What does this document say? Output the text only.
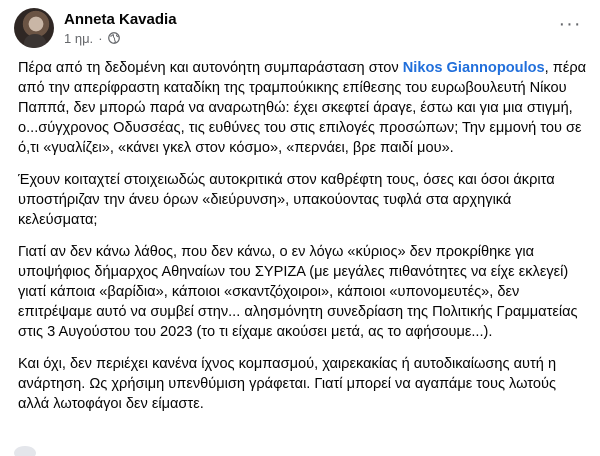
Anneta Kavadia
1 ημ. ·
···

Πέρα από τη δεδομένη και αυτονόητη συμπαράσταση στον Nikos Giannopoulos, πέρα από την απερίφραστη καταδίκη της τραμπούκικης επίθεσης του ευρωβουλευτή Νίκου Παππά, δεν μπορώ παρά να αναρωτηθώ: έχει σκεφτεί άραγε, έστω και για μια στιγμή, ο...σύγχρονος Οδυσσέας, τις ευθύνες του στις επιλογές προσώπων; Την εμμονή του σε ό,τι «γυαλίζει», «κάνει γκελ στον κόσμο», «περνάει, βρε παιδί μου».

Έχουν κοιταχτεί στοιχειωδώς αυτοκριτικά στον καθρέφτη τους, όσες και όσοι άκριτα υποστήριζαν την άνευ όρων «διεύρυνση», υπακούοντας τυφλά στα αρχηγικά κελεύσματα;

Γιατί αν δεν κάνω λάθος, που δεν κάνω, ο εν λόγω «κύριος» δεν προκρίθηκε για υποψήφιος δήμαρχος Αθηναίων του ΣΥΡΙΖΑ (με μεγάλες πιθανότητες να είχε εκλεγεί) γιατί κάποια «βαρίδια», κάποιοι «σκαντζόχοιροι», κάποιοι «υπονομευτές», δεν επιτρέψαμε αυτό να συμβεί στην... αλησμόνητη συνεδρίαση της Πολιτικής Γραμματείας στις 3 Αυγούστου του 2023 (το τι είχαμε ακούσει μετά, ας το αφήσουμε...).

Και όχι, δεν περιέχει κανένα ίχνος κομπασμού, χαιρεκακίας ή αυτοδικαίωσης αυτή η ανάρτηση. Ως χρήσιμη υπενθύμιση γράφεται. Γιατί μπορεί να αγαπάμε τους λωτούς αλλά λωτοφάγοι δεν είμαστε.
